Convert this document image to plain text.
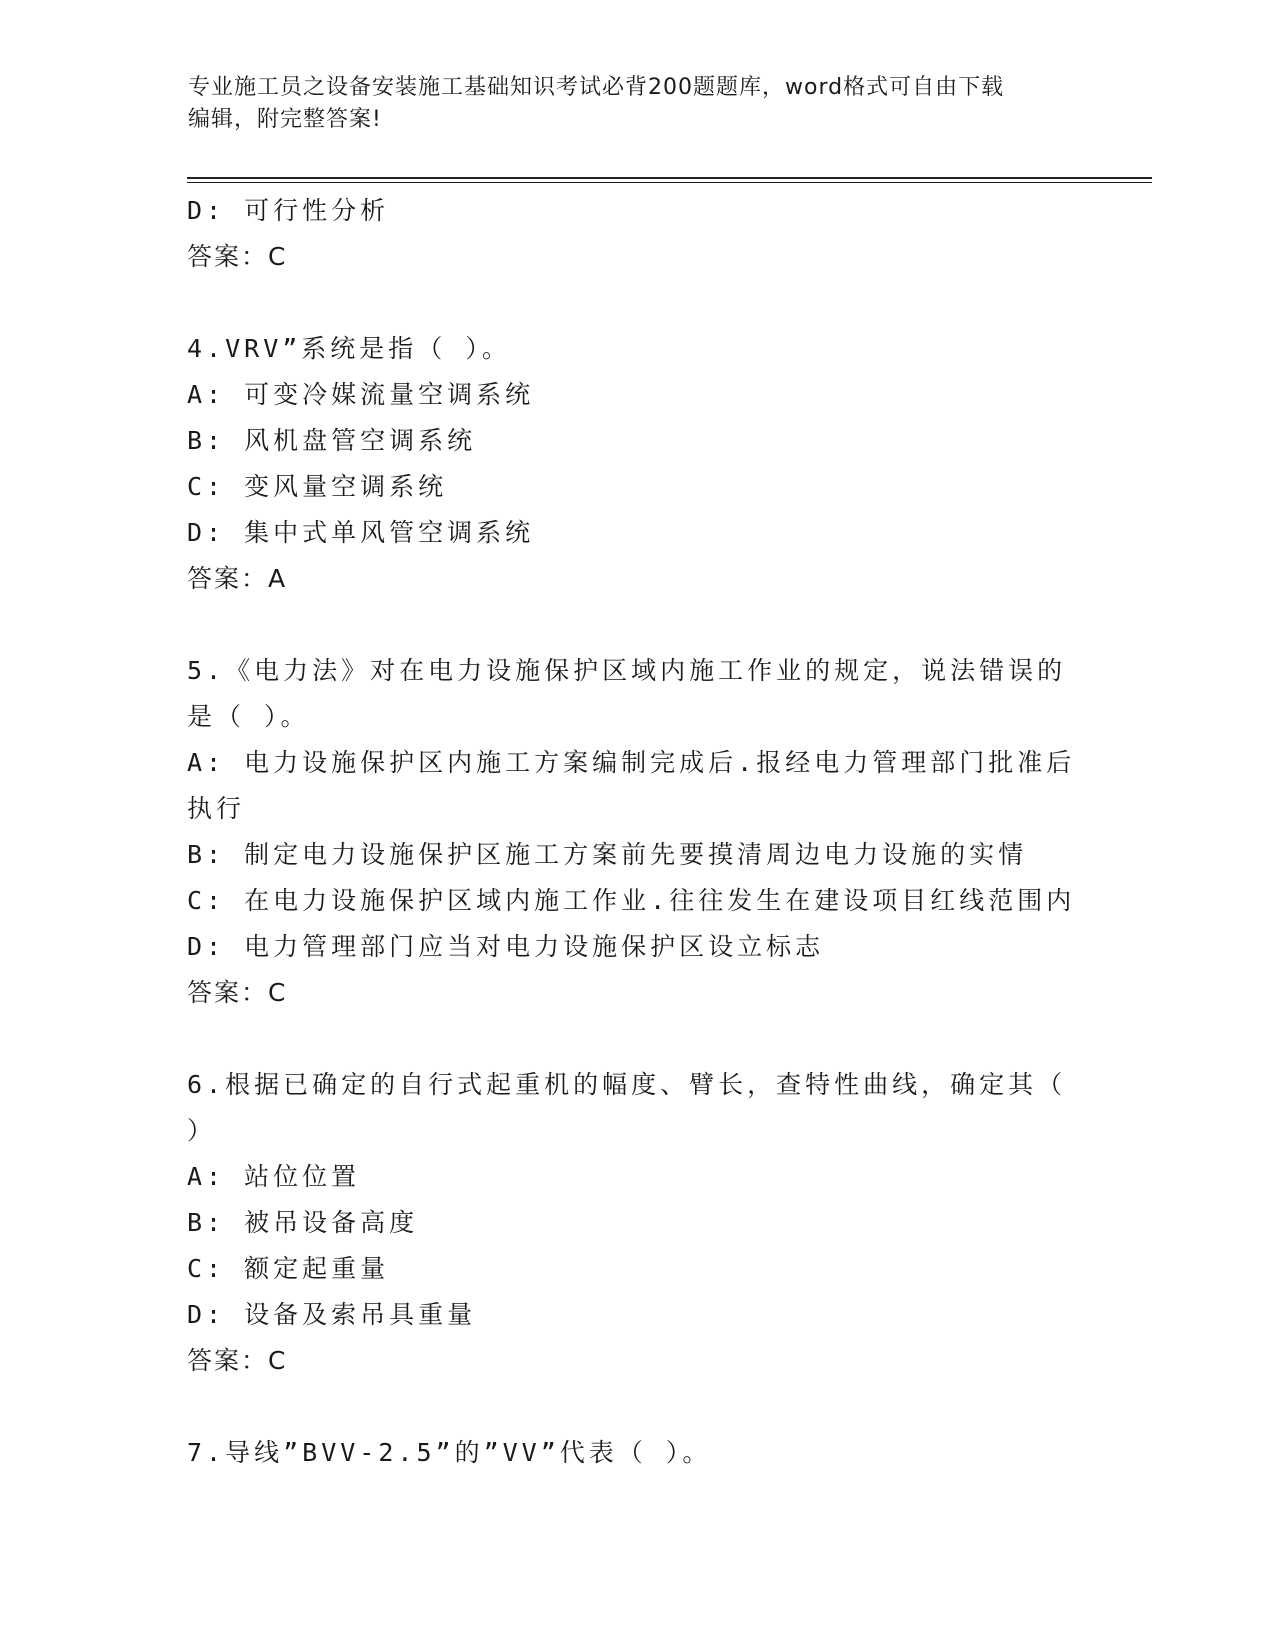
专业施工员之设备安装施工基础知识考试必背200题题库，word格式可自由下载
编辑，附完整答案!
D: 可行性分析
答案：C
4.VRV”系统是指（ ）。
A: 可变冷媒流量空调系统
B: 风机盘管空调系统
C: 变风量空调系统
D: 集中式单风管空调系统
答案：A
5.《电力法》对在电力设施保护区域内施工作业的规定，说法错误的
是（ ）。
A: 电力设施保护区内施工方案编制完成后.报经电力管理部门批准后
执行
B: 制定电力设施保护区施工方案前先要摸清周边电力设施的实情
C: 在电力设施保护区域内施工作业.往往发生在建设项目红线范围内
D: 电力管理部门应当对电力设施保护区设立标志
答案：C
6.根据已确定的自行式起重机的幅度、臂长，查特性曲线，确定其（
）
A: 站位位置
B: 被吊设备高度
C: 额定起重量
D: 设备及索吊具重量
答案：C
7.导线”BVV-2.5”的”VV”代表（ ）。
